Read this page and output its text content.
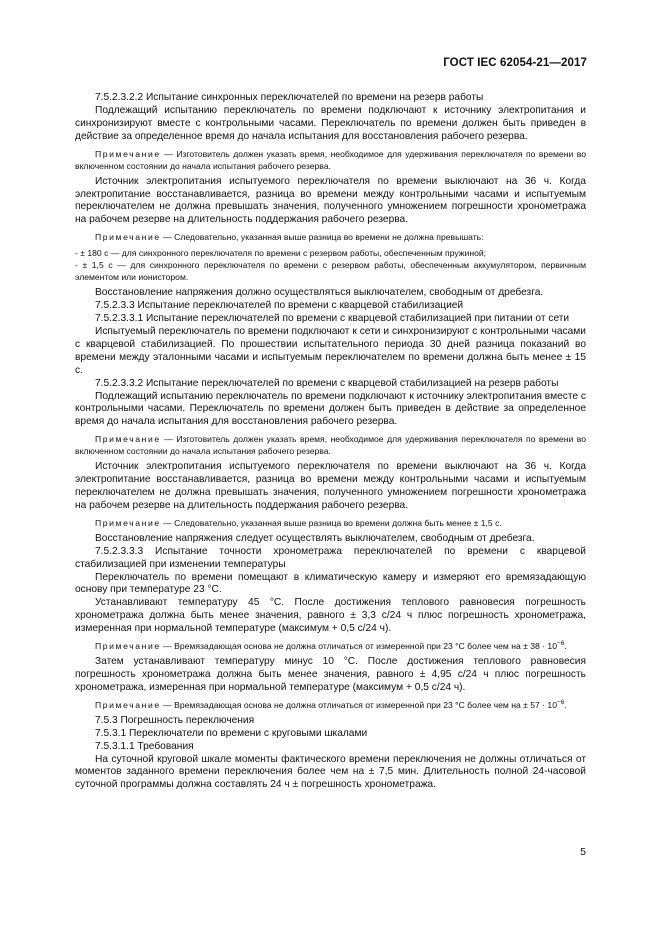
ГОСТ IEC 62054-21—2017

7.5.2.3.2.2 Испытание синхронных переключателей по времени на резерв работы

Подлежащий испытанию переключатель по времени подключают к источнику электропитания и синхронизируют вместе с контрольными часами. Переключатель по времени должен быть приведен в действие за определенное время до начала испытания для восстановления рабочего резерва.

Примечание — Изготовитель должен указать время, необходимое для удерживания переключателя по времени во включенном состоянии до начала испытания рабочего резерва.

Источник электропитания испытуемого переключателя по времени выключают на 36 ч. Когда электропитание восстанавливается, разница во времени между контрольными часами и испытуемым переключателем не должна превышать значения, полученного умножением погрешности хронометража на рабочем резерве на длительность поддержания рабочего резерва.

Примечание — Следовательно, указанная выше разница во времени не должна превышать:

- ± 180 с — для синхронного переключателя по времени с резервом работы, обеспеченным пружиной;

- ± 1,5 с — для синхронного переключателя по времени с резервом работы, обеспеченным аккумулятором, первичным элементом или ионистором.

Восстановление напряжения должно осуществляться выключателем, свободным от дребезга.

7.5.2.3.3 Испытание переключателей по времени с кварцевой стабилизацией

7.5.2.3.3.1 Испытание переключателей по времени с кварцевой стабилизацией при питании от сети

Испытуемый переключатель по времени подключают к сети и синхронизируют с контрольными часами с кварцевой стабилизацией. По прошествии испытательного периода 30 дней разница показаний во времени между эталонными часами и испытуемым переключателем по времени должна быть менее ± 15 с.

7.5.2.3.3.2 Испытание переключателей по времени с кварцевой стабилизацией на резерв работы

Подлежащий испытанию переключатель по времени подключают к источнику электропитания вместе с контрольными часами. Переключатель по времени должен быть приведен в действие за определенное время до начала испытания для восстановления рабочего резерва.

Примечание — Изготовитель должен указать время, необходимое для удерживания переключателя по времени во включенном состоянии до начала испытания рабочего резерва.

Источник электропитания испытуемого переключателя по времени выключают на 36 ч. Когда электропитание восстанавливается, разница во времени между контрольными часами и испытуемым переключателем не должна превышать значения, полученного умножением погрешности хронометража на рабочем резерве на длительность поддержания рабочего резерва.

Примечание — Следовательно, указанная выше разница во времени должна быть менее ± 1,5 с.

Восстановление напряжения следует осуществлять выключателем, свободным от дребезга.

7.5.2.3.3.3 Испытание точности хронометража переключателей по времени с кварцевой стабилизацией при изменении температуры

Переключатель по времени помещают в климатическую камеру и измеряют его времязадающую основу при температуре 23 °С.

Устанавливают температуру 45 °С. После достижения теплового равновесия погрешность хронометража должна быть менее значения, равного ± 3,3 с/24 ч плюс погрешность хронометража, измеренная при нормальной температуре (максимум + 0,5 с/24 ч).

Примечание — Времязадающая основа не должна отличаться от измеренной при 23 °С более чем на ± $38 \cdot 10^{-6}$.

Затем устанавливают температуру минус 10 °С. После достижения теплового равновесия погрешность хронометража должна быть менее значения, равного ± 4,95 с/24 ч плюс погрешность хронометража, измеренная при нормальной температуре (максимум + 0,5 с/24 ч).

Примечание — Времязадающая основа не должна отличаться от измеренной при 23 °С более чем на ± $57 \cdot 10^{-6}$.

7.5.3 Погрешность переключения

7.5.3.1 Переключатели по времени с круговыми шкалами

7.5.3.1.1 Требования

На суточной круговой шкале моменты фактического времени переключения не должны отличаться от моментов заданного времени переключения более чем на ± 7,5 мин. Длительность полной 24-часовой суточной программы должна составлять 24 ч ± погрешность хронометража.

5
